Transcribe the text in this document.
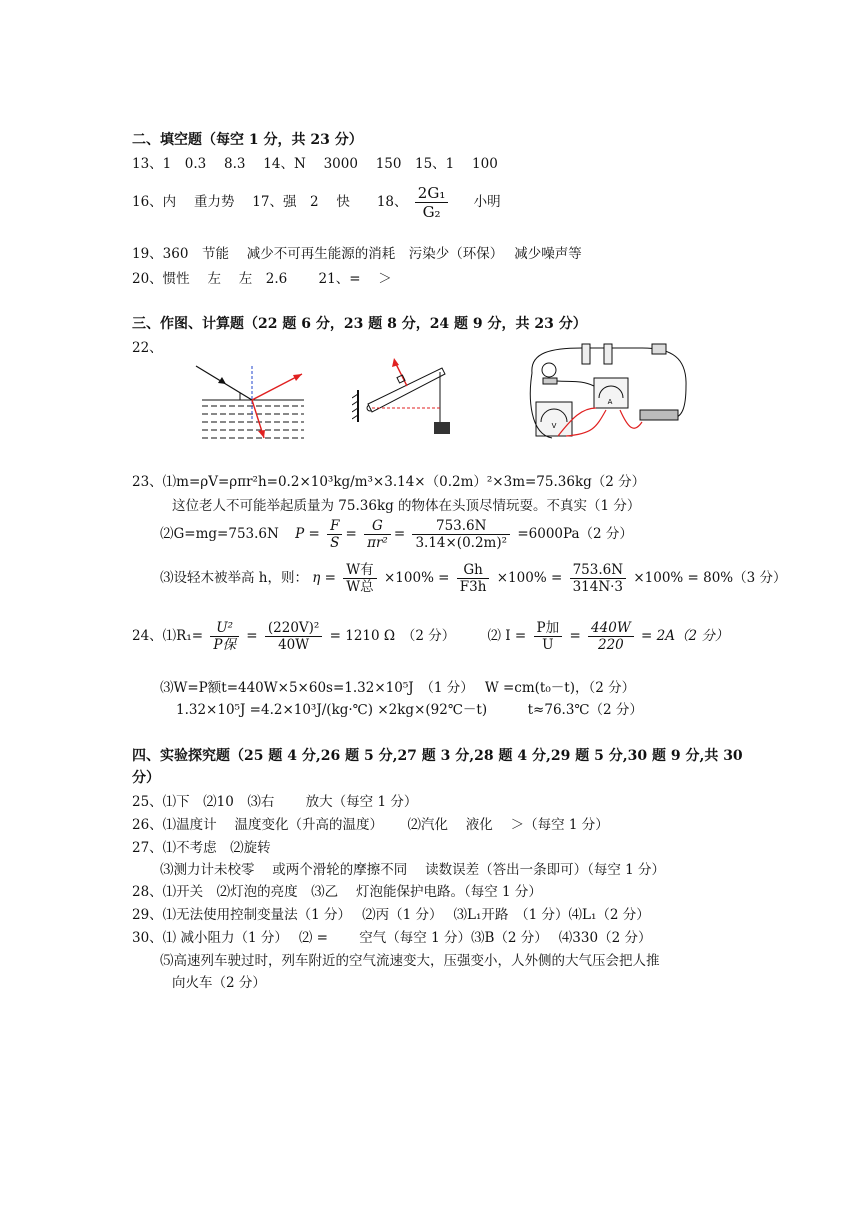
二、填空题（每空 1 分，共 23 分）
13、1　0.3　 8.3　 14、N　 3000　 150　15、1　 100
16、内　 重力势　 17、强　2　 快　　18、 $\frac{\text{2G₁}}{\text{G₂}}$ 小明
19、360　节能　 减少不可再生能源的消耗　污染少（环保）　 减少噪声等
20、惯性　 左　 左　2.6　　 21、=　 ＞
三、作图、计算题（22 题 6 分，23 题 8 分，24 题 9 分，共 23 分）
22、
A
V
23、⑴m=ρV=ρπr²h=0.2×10³kg/m³×3.14×（0.2m）²×3m=75.36kg（2 分）
这位老人不可能举起质量为 75.36kg 的物体在头顶尽情玩耍。不真实（1 分）
⑵G=mg=753.6N $P = \frac{F}{S} = \frac{G}{\text{πr²}} = \frac{753.6N}{\text{3.14×(0.2m)²}} =6000Pa(2$ 分）
⑶设轻木被举高 h，则： $\eta = \frac{\text{W有}}{\text{W总}} \times 100\% = \frac{Gh}{F3h} \times 100\% = \frac{753.6N}{314N\cdot 3} \times 100\% = 80\%(3$ 分）
24、⑴R₁= $\frac{\text{U²}}{\text{P保}} = \frac{\text{(220V)²}}{40W} = 1210$ Ω　（2 分） ⑵ $I = \frac{\text{P加}}{U} = \frac{440W}{220} = 2A(2$ 分）
⑶W=P额t=440W×5×60s=1.32×10⁵J　（1 分）　 W =cm(t₀－t)，（2 分）
1.32×10⁵J =4.2×10³J/(kg·℃) ×2kg×(92℃－t)　　　t≈76.3℃（2 分）
四、实验探究题（25 题 4 分,26 题 5 分,27 题 3 分,28 题 4 分,29 题 5 分,30 题 9 分,共 30
分）
25、⑴下　⑵10　⑶右　　 放大（每空 1 分）
26、⑴温度计　 温度变化（升高的温度）　　 ⑵汽化　 液化　 ＞（每空 1 分）
27、⑴不考虑　⑵旋转
⑶测力计未校零　 或两个滑轮的摩擦不同　 读数误差（答出一条即可）（每空 1 分）
28、⑴开关　⑵灯泡的亮度　⑶乙　 灯泡能保护电路。（每空 1 分）
29、⑴无法使用控制变量法（1 分）　 ⑵丙（1 分）　 ⑶L₁开路　（1 分）⑷L₁（2 分）
30、⑴ 减小阻力（1 分）　 ⑵ =　　 空气（每空 1 分）⑶B（2 分）　 ⑷330（2 分）
⑸高速列车驶过时，列车附近的空气流速变大，压强变小，人外侧的大气压会把人推
向火车（2 分）
